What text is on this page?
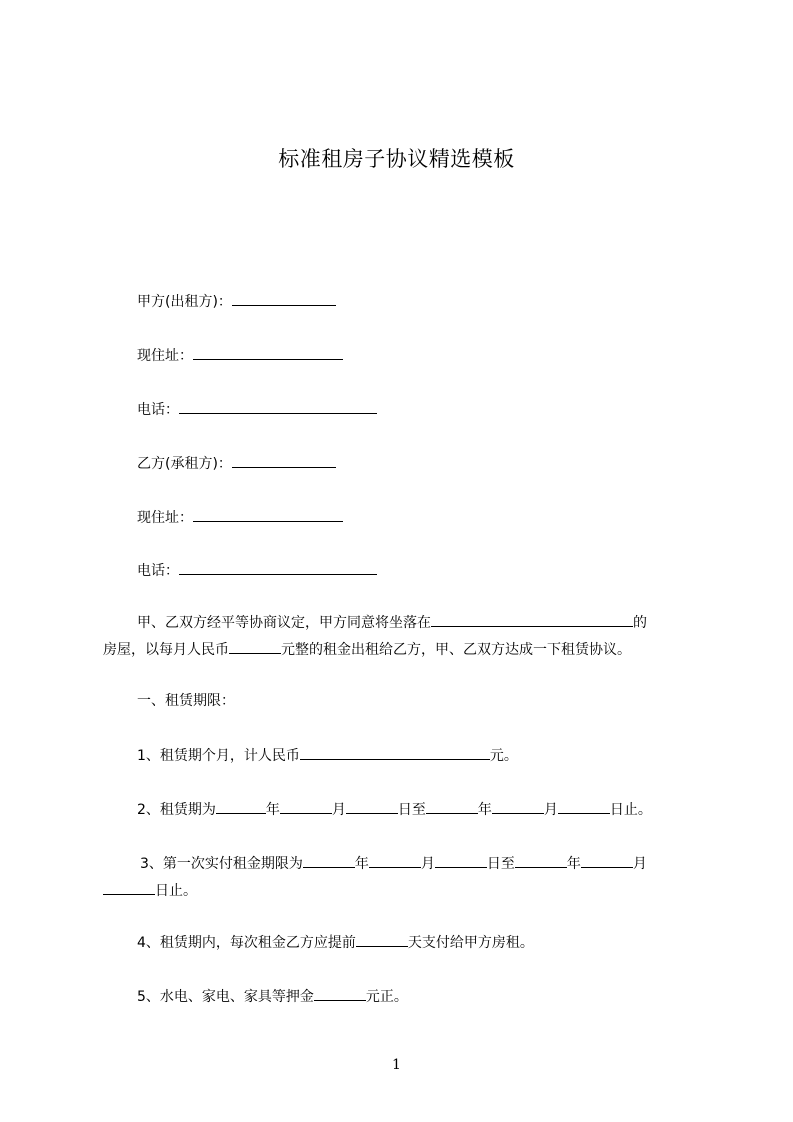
标准租房子协议精选模板
甲方(出租方)：
现住址：
电话：
乙方(承租方)：
现住址：
电话：
甲、乙双方经平等协商议定，甲方同意将坐落在	的
房屋，以每月人民币	元整的租金出租给乙方，甲、乙双方达成一下租赁协议。
一、租赁期限：
1、租赁期个月，计人民币	元。
2、租赁期为	年	月	日至	年	月	日止。
3、第一次实付租金期限为	年	月	日至	年	月
日止。
4、租赁期内，每次租金乙方应提前	天支付给甲方房租。
5、水电、家电、家具等押金	元正。
1
